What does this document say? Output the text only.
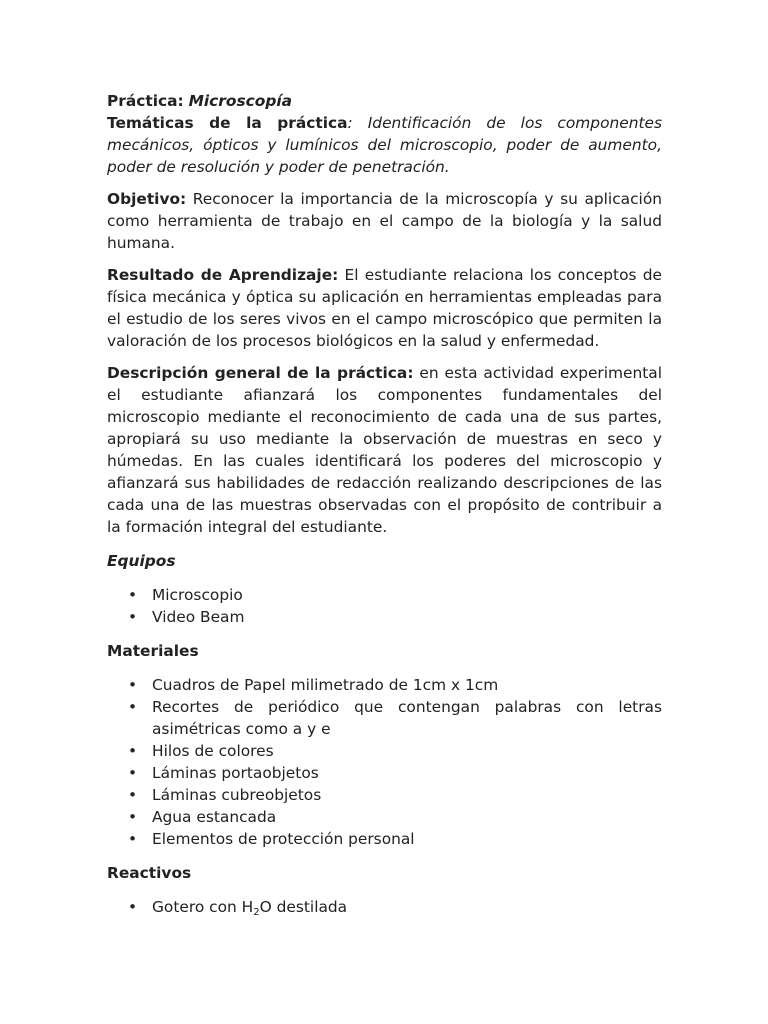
Práctica: Microscopía

Temáticas de la práctica: Identificación de los componentes mecánicos, ópticos y lumínicos del microscopio, poder de aumento, poder de resolución y poder de penetración.

Objetivo: Reconocer la importancia de la microscopía y su aplicación como herramienta de trabajo en el campo de la biología y la salud humana.

Resultado de Aprendizaje: El estudiante relaciona los conceptos de física mecánica y óptica su aplicación en herramientas empleadas para el estudio de los seres vivos en el campo microscópico que permiten la valoración de los procesos biológicos en la salud y enfermedad.

Descripción general de la práctica: en esta actividad experimental el estudiante afianzará los componentes fundamentales del microscopio mediante el reconocimiento de cada una de sus partes, apropiará su uso mediante la observación de muestras en seco y húmedas. En las cuales identificará los poderes del microscopio y afianzará sus habilidades de redacción realizando descripciones de las cada una de las muestras observadas con el propósito de contribuir a la formación integral del estudiante.

Equipos

• Microscopio
• Video Beam

Materiales

• Cuadros de Papel milimetrado de 1cm x 1cm
• Recortes de periódico que contengan palabras con letras asimétricas como a y e
• Hilos de colores
• Láminas portaobjetos
• Láminas cubreobjetos
• Agua estancada
• Elementos de protección personal

Reactivos

• Gotero con $H_2O$ destilada
